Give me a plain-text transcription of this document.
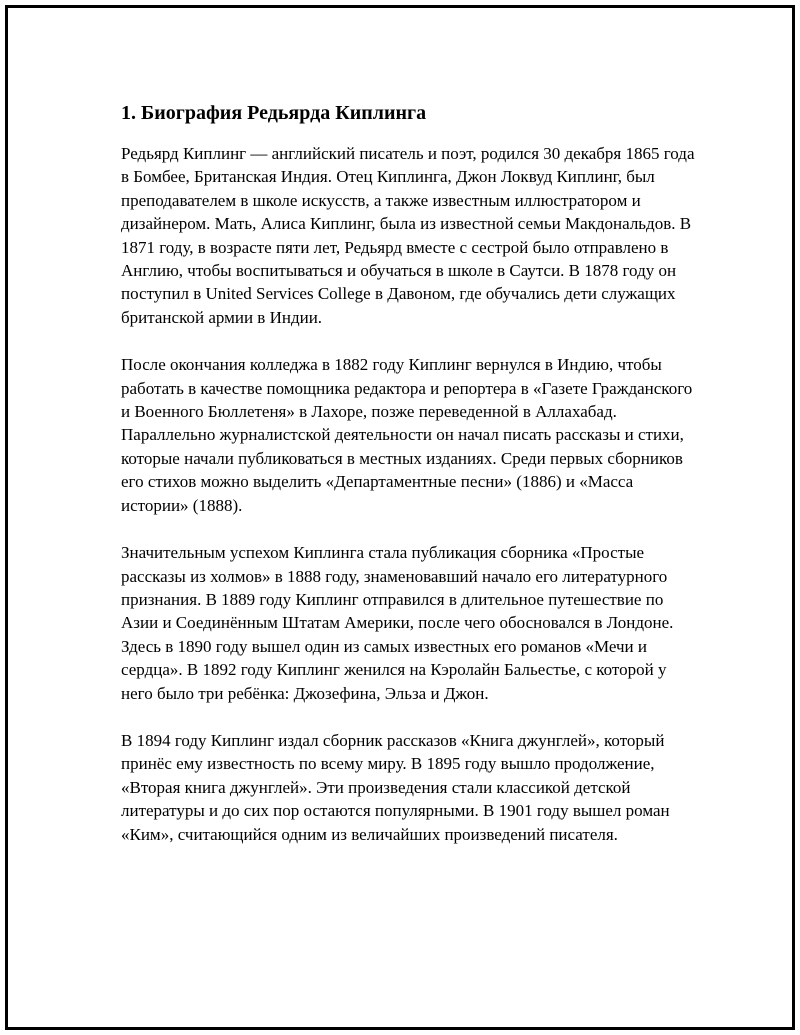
1. Биография Редьярда Киплинга

Редьярд Киплинг — английский писатель и поэт, родился 30 декабря 1865 года в Бомбее, Британская Индия. Отец Киплинга, Джон Локвуд Киплинг, был преподавателем в школе искусств, а также известным иллюстратором и дизайнером. Мать, Алиса Киплинг, была из известной семьи Макдональдов. В 1871 году, в возрасте пяти лет, Редьярд вместе с сестрой было отправлено в Англию, чтобы воспитываться и обучаться в школе в Саутси. В 1878 году он поступил в United Services College в Давоном, где обучались дети служащих британской армии в Индии.

После окончания колледжа в 1882 году Киплинг вернулся в Индию, чтобы работать в качестве помощника редактора и репортера в «Газете Гражданского и Военного Бюллетеня» в Лахоре, позже переведенной в Аллахабад. Параллельно журналистской деятельности он начал писать рассказы и стихи, которые начали публиковаться в местных изданиях. Среди первых сборников его стихов можно выделить «Департаментные песни» (1886) и «Масса истории» (1888).

Значительным успехом Киплинга стала публикация сборника «Простые рассказы из холмов» в 1888 году, знаменовавший начало его литературного признания. В 1889 году Киплинг отправился в длительное путешествие по Азии и Соединённым Штатам Америки, после чего обосновался в Лондоне. Здесь в 1890 году вышел один из самых известных его романов «Мечи и сердца». В 1892 году Киплинг женился на Кэролайн Бальестье, с которой у него было три ребёнка: Джозефина, Эльза и Джон.

В 1894 году Киплинг издал сборник рассказов «Книга джунглей», который принёс ему известность по всему миру. В 1895 году вышло продолжение, «Вторая книга джунглей». Эти произведения стали классикой детской литературы и до сих пор остаются популярными. В 1901 году вышел роман «Ким», считающийся одним из величайших произведений писателя.
